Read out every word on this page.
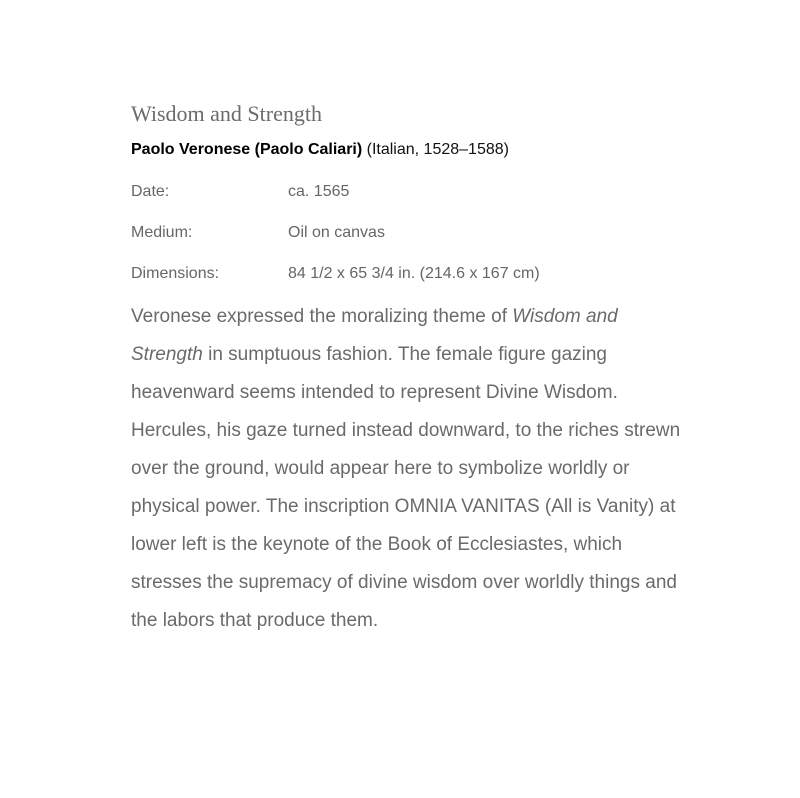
Wisdom and Strength
Paolo Veronese (Paolo Caliari) (Italian, 1528–1588)
Date:	ca. 1565
Medium:	Oil on canvas
Dimensions:	84 1/2 x 65 3/4 in. (214.6 x 167 cm)

Veronese expressed the moralizing theme of Wisdom and Strength in sumptuous fashion. The female figure gazing heavenward seems intended to represent Divine Wisdom. Hercules, his gaze turned instead downward, to the riches strewn over the ground, would appear here to symbolize worldly or physical power. The inscription OMNIA VANITAS (All is Vanity) at lower left is the keynote of the Book of Ecclesiastes, which stresses the supremacy of divine wisdom over worldly things and the labors that produce them.
